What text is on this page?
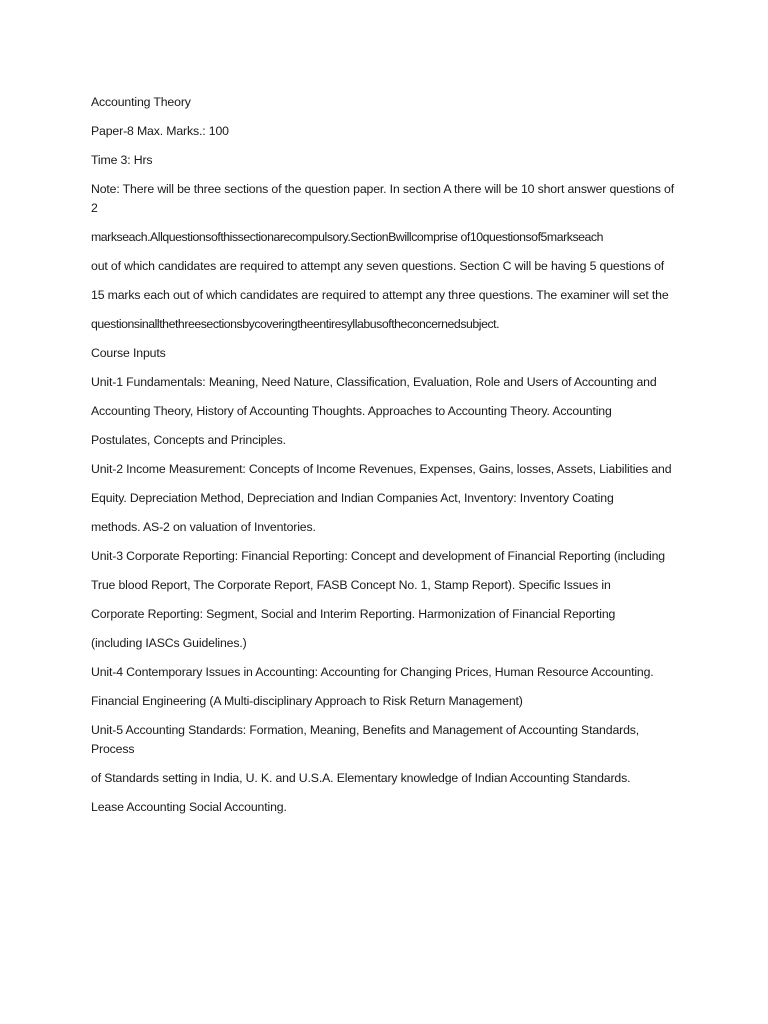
Accounting Theory

Paper-8 Max. Marks.: 100

Time 3: Hrs

Note: There will be three sections of the question paper. In section A there will be 10 short answer questions of 2

markseach.Allquestionsofthissectionarecompulsory.SectionBwillcomprise of10questionsof5markseach

out of which candidates are required to attempt any seven questions. Section C will be having 5 questions of

15 marks each out of which candidates are required to attempt any three questions. The examiner will set the

questionsinallthethreesectionsbycoveringtheentiresyllabusoftheconcernedsubject.

Course Inputs

Unit-1 Fundamentals: Meaning, Need Nature, Classification, Evaluation, Role and Users of Accounting and

Accounting Theory, History of Accounting Thoughts. Approaches to Accounting Theory. Accounting

Postulates, Concepts and Principles.

Unit-2 Income Measurement: Concepts of Income Revenues, Expenses, Gains, losses, Assets, Liabilities and

Equity. Depreciation Method, Depreciation and Indian Companies Act, Inventory: Inventory Coating

methods. AS-2 on valuation of Inventories.

Unit-3 Corporate Reporting: Financial Reporting: Concept and development of Financial Reporting (including

True blood Report, The Corporate Report, FASB Concept No. 1, Stamp Report). Specific Issues in

Corporate Reporting: Segment, Social and Interim Reporting. Harmonization of Financial Reporting

(including IASCs Guidelines.)

Unit-4 Contemporary Issues in Accounting: Accounting for Changing Prices, Human Resource Accounting.

Financial Engineering (A Multi-disciplinary Approach to Risk Return Management)

Unit-5 Accounting Standards: Formation, Meaning, Benefits and Management of Accounting Standards, Process

of Standards setting in India, U. K. and U.S.A. Elementary knowledge of Indian Accounting Standards.

Lease Accounting Social Accounting.
